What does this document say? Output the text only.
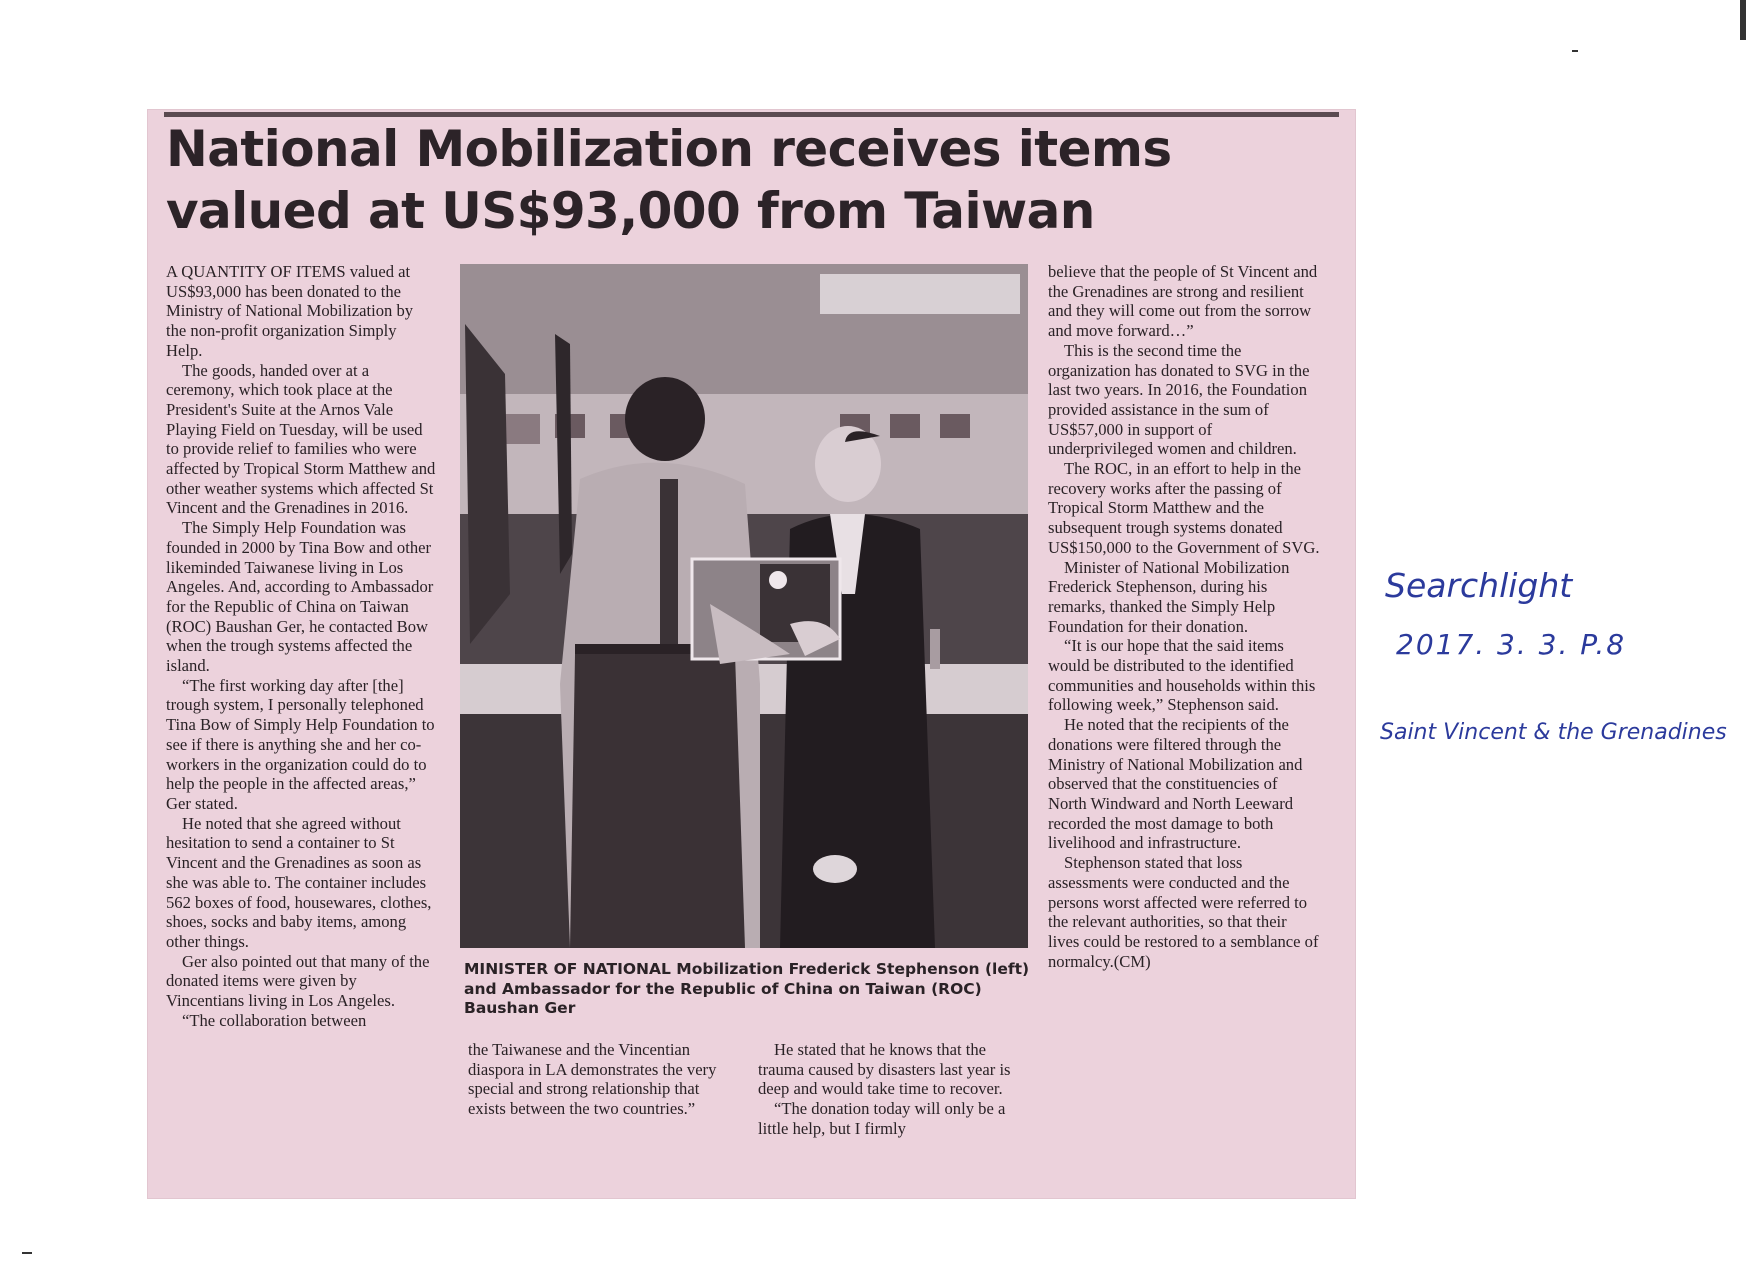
National Mobilization receives items valued at US$93,000 from Taiwan

A QUANTITY OF ITEMS valued at US$93,000 has been donated to the Ministry of National Mobilization by the non-profit organization Simply Help.

The goods, handed over at a ceremony, which took place at the President's Suite at the Arnos Vale Playing Field on Tuesday, will be used to provide relief to families who were affected by Tropical Storm Matthew and other weather systems which affected St Vincent and the Grenadines in 2016.

The Simply Help Foundation was founded in 2000 by Tina Bow and other likeminded Taiwanese living in Los Angeles. And, according to Ambassador for the Republic of China on Taiwan (ROC) Baushan Ger, he contacted Bow when the trough systems affected the island.

“The first working day after [the] trough system, I personally telephoned Tina Bow of Simply Help Foundation to see if there is anything she and her co-workers in the organization could do to help the people in the affected areas,” Ger stated.

He noted that she agreed without hesitation to send a container to St Vincent and the Grenadines as soon as she was able to. The container includes 562 boxes of food, housewares, clothes, shoes, socks and baby items, among other things.

Ger also pointed out that many of the donated items were given by Vincentians living in Los Angeles.

“The collaboration between

MINISTER OF NATIONAL Mobilization Frederick Stephenson (left) and Ambassador for the Republic of China on Taiwan (ROC) Baushan Ger

the Taiwanese and the Vincentian diaspora in LA demonstrates the very special and strong relationship that exists between the two countries.”

He stated that he knows that the trauma caused by disasters last year is deep and would take time to recover.

“The donation today will only be a little help, but I firmly

believe that the people of St Vincent and the Grenadines are strong and resilient and they will come out from the sorrow and move forward…”

This is the second time the organization has donated to SVG in the last two years. In 2016, the Foundation provided assistance in the sum of US$57,000 in support of underprivileged women and children.

The ROC, in an effort to help in the recovery works after the passing of Tropical Storm Matthew and the subsequent trough systems donated US$150,000 to the Government of SVG.

Minister of National Mobilization Frederick Stephenson, during his remarks, thanked the Simply Help Foundation for their donation.

“It is our hope that the said items would be distributed to the identified communities and households within this following week,” Stephenson said.

He noted that the recipients of the donations were filtered through the Ministry of National Mobilization and observed that the constituencies of North Windward and North Leeward recorded the most damage to both livelihood and infrastructure.

Stephenson stated that loss assessments were conducted and the persons worst affected were referred to the relevant authorities, so that their lives could be restored to a semblance of normalcy.(CM)

Searchlight
2017. 3. 3. P.8
Saint Vincent & the Grenadines
